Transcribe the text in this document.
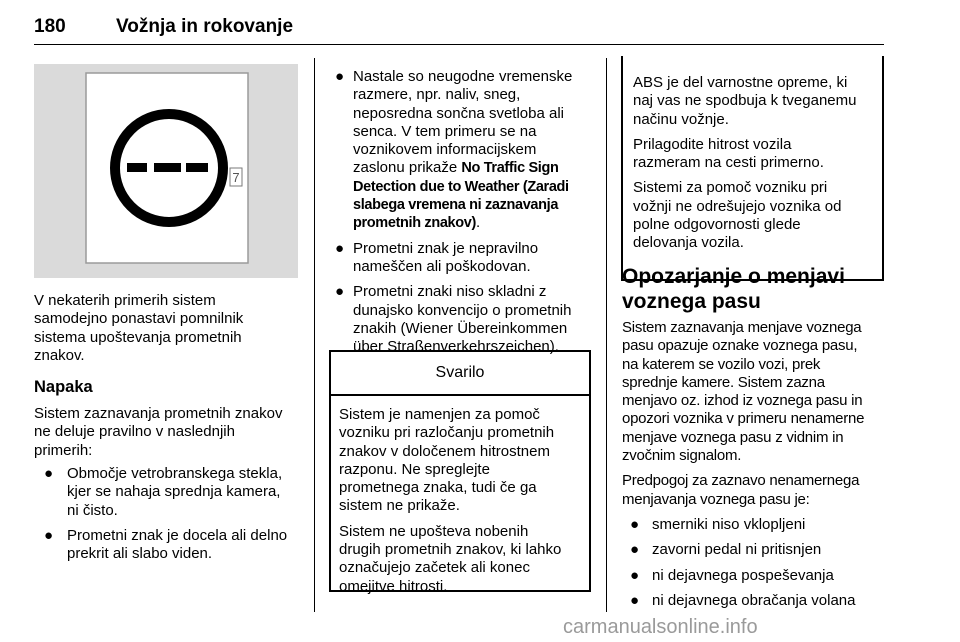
180	Vožnja in rokovanje
7

V nekaterih primerih sistem
samodejno ponastavi pomnilnik
sistema upoštevanja prometnih
znakov.

Napaka

Sistem zaznavanja prometnih znakov
ne deluje pravilno v naslednjih
primerih:

● Območje vetrobranskega stekla,
kjer se nahaja sprednja kamera,
ni čisto.
● Prometni znak je docela ali delno
prekrit ali slabo viden.
● Nastale so neugodne vremenske
razmere, npr. naliv, sneg,
neposredna sončna svetloba ali
senca. V tem primeru se na
voznikovem informacijskem
zaslonu prikaže No Traffic Sign
Detection due to Weather (Zaradi
slabega vremena ni zaznavanja
prometnih znakov).
● Prometni znak je nepravilno
nameščen ali poškodovan.
● Prometni znaki niso skladni z
dunajsko konvencijo o prometnih
znakih (Wiener Übereinkommen
über Straßenverkehrszeichen).
Svarilo

Sistem je namenjen za pomoč
vozniku pri razločanju prometnih
znakov v določenem hitrostnem
razponu. Ne spreglejte
prometnega znaka, tudi če ga
sistem ne prikaže.

Sistem ne upošteva nobenih
drugih prometnih znakov, ki lahko
označujejo začetek ali konec
omejitve hitrosti.

ABS je del varnostne opreme, ki
naj vas ne spodbuja k tveganemu
načinu vožnje.

Prilagodite hitrost vozila
razmeram na cesti primerno.

Sistemi za pomoč vozniku pri
vožnji ne odrešujejo voznika od
polne odgovornosti glede
delovanja vozila.

Opozarjanje o menjavi
voznega pasu

Sistem zaznavanja menjave voznega
pasu opazuje oznake voznega pasu,
na katerem se vozilo vozi, prek
sprednje kamere. Sistem zazna
menjavo oz. izhod iz voznega pasu in
opozori voznika v primeru nenamerne
menjave voznega pasu z vidnim in
zvočnim signalom.

Predpogoj za zaznavo nenamernega
menjavanja voznega pasu je:

● smerniki niso vklopljeni
● zavorni pedal ni pritisnjen
● ni dejavnega pospeševanja
● ni dejavnega obračanja volana
carmanualsonline.info
